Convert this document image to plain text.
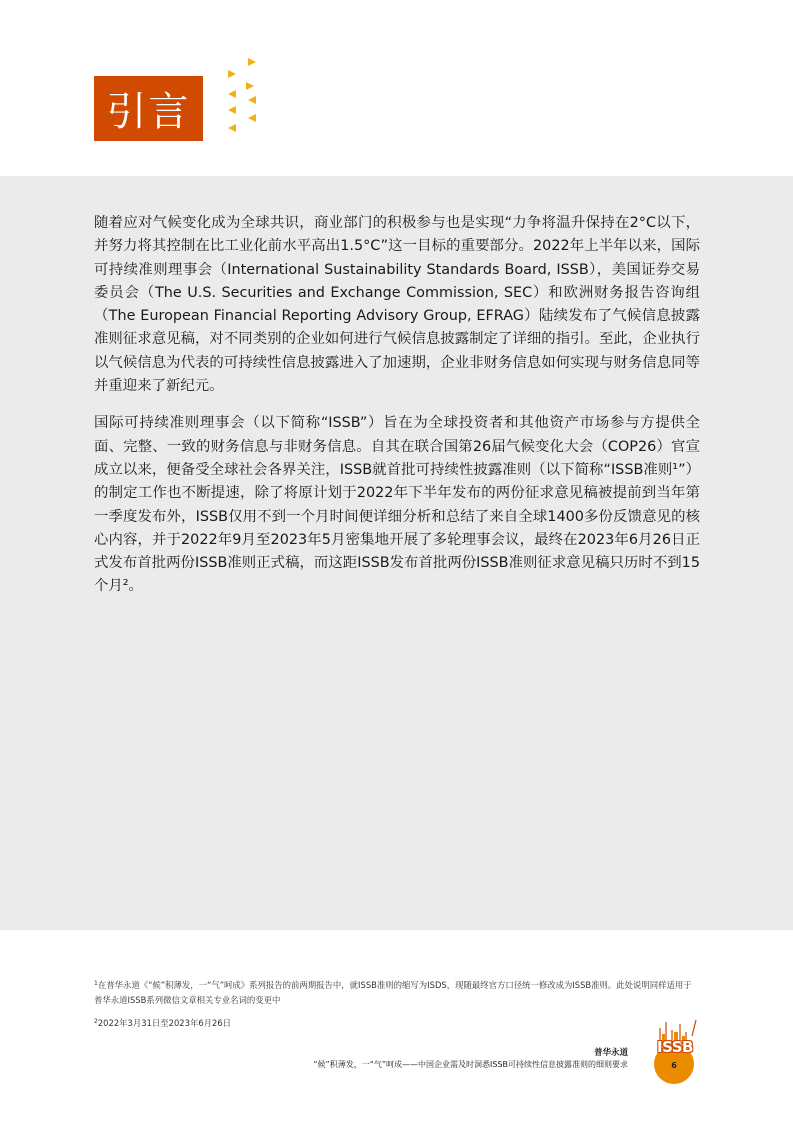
引言

随着应对气候变化成为全球共识，商业部门的积极参与也是实现“力争将温升保持在2°C以下，并努力将其控制在比工业化前水平高出1.5°C”这一目标的重要部分。2022年上半年以来，国际可持续准则理事会（International Sustainability Standards Board, ISSB），美国证券交易委员会（The U.S. Securities and Exchange Commission, SEC）和欧洲财务报告咨询组（The European Financial Reporting Advisory Group, EFRAG）陆续发布了气候信息披露准则征求意见稿，对不同类别的企业如何进行气候信息披露制定了详细的指引。至此，企业执行以气候信息为代表的可持续性信息披露进入了加速期，企业非财务信息如何实现与财务信息同等并重迎来了新纪元。

国际可持续准则理事会（以下简称“ISSB”）旨在为全球投资者和其他资产市场参与方提供全面、完整、一致的财务信息与非财务信息。自其在联合国第26届气候变化大会（COP26）官宣成立以来，便备受全球社会各界关注，ISSB就首批可持续性披露准则（以下简称“ISSB准则¹”）的制定工作也不断提速，除了将原计划于2022年下半年发布的两份征求意见稿被提前到当年第一季度发布外，ISSB仅用不到一个月时间便详细分析和总结了来自全球1400多份反馈意见的核心内容，并于2022年9月至2023年5月密集地开展了多轮理事会议，最终在2023年6月26日正式发布首批两份ISSB准则正式稿，而这距ISSB发布首批两份ISSB准则征求意见稿只历时不到15个月²。

$^1$在普华永道《“候”积薄发，一“气”呵成》系列报告的前两期报告中，就ISSB准则的缩写为ISDS，现随最终官方口径统一修改成为ISSB准则。此处说明同样适用于普华永道ISSB系列微信文章相关专业名词的变更中

$^2$2022年3月31日至2023年6月26日

普华永道
“候”积薄发，一“气”呵成——中国企业需及时洞悉ISSB可持续性信息披露准则的细则要求
ISSB
6
